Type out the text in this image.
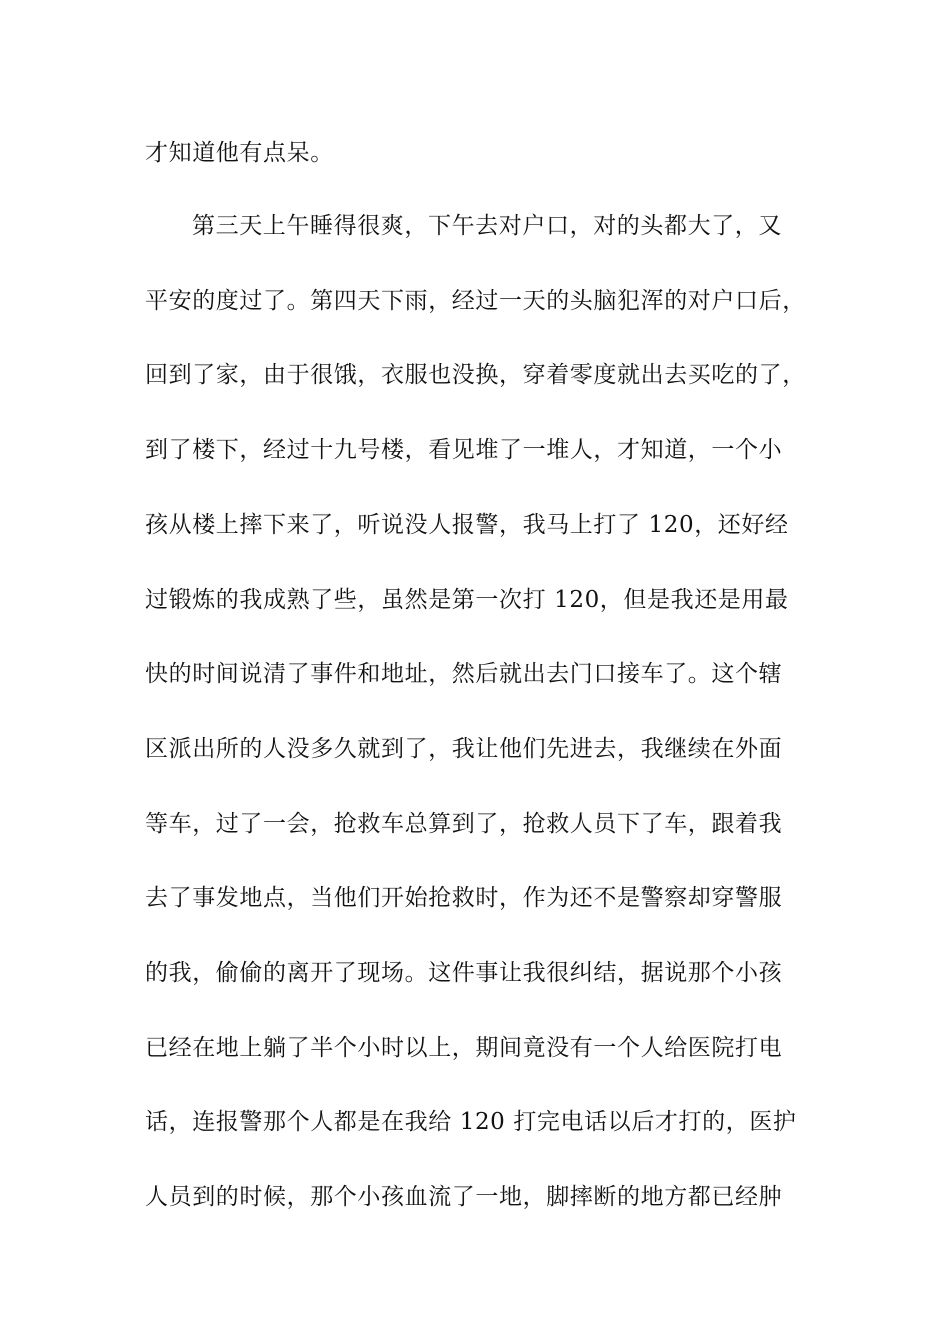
才知道他有点呆。
第三天上午睡得很爽，下午去对户口，对的头都大了，又
平安的度过了。第四天下雨，经过一天的头脑犯浑的对户口后，
回到了家，由于很饿，衣服也没换，穿着零度就出去买吃的了，
到了楼下，经过十九号楼，看见堆了一堆人，才知道，一个小
孩从楼上摔下来了，听说没人报警，我马上打了 120，还好经
过锻炼的我成熟了些，虽然是第一次打 120，但是我还是用最
快的时间说清了事件和地址，然后就出去门口接车了。这个辖
区派出所的人没多久就到了，我让他们先进去，我继续在外面
等车，过了一会，抢救车总算到了，抢救人员下了车，跟着我
去了事发地点，当他们开始抢救时，作为还不是警察却穿警服
的我，偷偷的离开了现场。这件事让我很纠结，据说那个小孩
已经在地上躺了半个小时以上，期间竟没有一个人给医院打电
话，连报警那个人都是在我给 120 打完电话以后才打的，医护
人员到的时候，那个小孩血流了一地，脚摔断的地方都已经肿
